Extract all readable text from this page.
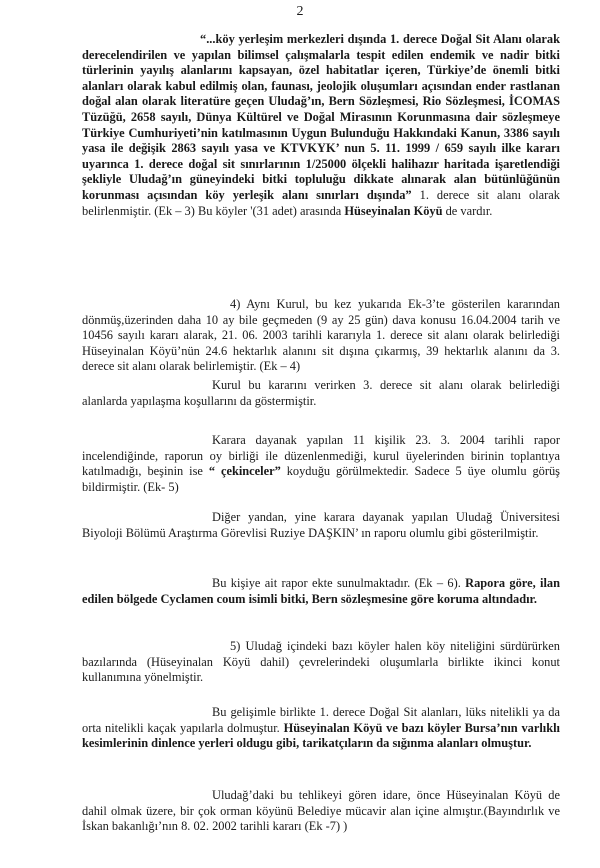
2

“...köy yerleşim merkezleri dışında 1. derece Doğal Sit Alanı olarak derecelendirilen ve yapılan bilimsel çalışmalarla tespit edilen endemik ve nadir bitki türlerinin yayılış alanlarını kapsayan, özel habitatlar içeren, Türkiye’de önemli bitki alanları olarak kabul edilmiş olan, faunası, jeolojik oluşumları açısından ender rastlanan doğal alan olarak literatüre geçen Uludağ’ın, Bern Sözleşmesi, Rio Sözleşmesi, İCOMAS Tüzüğü, 2658 sayılı, Dünya Kültürel ve Doğal Mirasının Korunmasına dair sözleşmeye Türkiye Cumhuriyeti’nin katılmasının Uygun Bulunduğu Hakkındaki Kanun, 3386 sayılı yasa ile değişik 2863 sayılı yasa ve KTVKYK’ nun 5. 11. 1999 / 659 sayılı ilke kararı uyarınca 1. derece doğal sit sınırlarının 1/25000 ölçekli halihazır haritada işaretlendiği şekliyle Uludağ’ın güneyindeki bitki topluluğu dikkate alınarak alan bütünlüğünün korunması açısından köy yerleşik alanı sınırları dışında” 1. derece sit alanı olarak belirlenmiştir. (Ek – 3) Bu köyler '(31 adet) arasında Hüseyinalan Köyü de vardır.

4) Aynı Kurul, bu kez yukarıda Ek-3’te gösterilen kararından dönmüş,üzerinden daha 10 ay bile geçmeden (9 ay 25 gün) dava konusu 16.04.2004 tarih ve 10456 sayılı kararı alarak, 21. 06. 2003 tarihli kararıyla 1. derece sit alanı olarak belirlediği Hüseyinalan Köyü’nün 24.6 hektarlık alanını sit dışına çıkarmış, 39 hektarlık alanını da 3. derece sit alanı olarak belirlemiştir. (Ek – 4)

Kurul bu kararını verirken 3. derece sit alanı olarak belirlediği alanlarda yapılaşma koşullarını da göstermiştir.

Karara dayanak yapılan 11 kişilik 23. 3. 2004 tarihli rapor incelendiğinde, raporun oy birliği ile düzenlenmediği, kurul üyelerinden birinin toplantıya katılmadığı, beşinin ise “ çekinceler” koyduğu görülmektedir. Sadece 5 üye olumlu görüş bildirmiştir. (Ek- 5)

Diğer yandan, yine karara dayanak yapılan Uludağ Üniversitesi Biyoloji Bölümü Araştırma Görevlisi Ruziye DAŞKIN’ ın raporu olumlu gibi gösterilmiştir.

Bu kişiye ait rapor ekte sunulmaktadır. (Ek – 6). Rapora göre, ilan edilen bölgede Cyclamen coum isimli bitki, Bern sözleşmesine göre koruma altındadır.

5) Uludağ içindeki bazı köyler halen köy niteliğini sürdürürken bazılarında (Hüseyinalan Köyü dahil) çevrelerindeki oluşumlarla birlikte ikinci konut kullanımına yönelmiştir.

Bu gelişimle birlikte 1. derece Doğal Sit alanları, lüks nitelikli ya da orta nitelikli kaçak yapılarla dolmuştur. Hüseyinalan Köyü ve bazı köyler Bursa’nın varlıklı kesimlerinin dinlence yerleri oldugu gibi, tarikatçıların da sığınma alanları olmuştur.

Uludağ’daki bu tehlikeyi gören idare, önce Hüseyinalan Köyü de dahil olmak üzere, bir çok orman köyünü Belediye mücavir alan içine almıştır.(Bayındırlık ve İskan bakanlığı’nın 8. 02. 2002 tarihli kararı (Ek -7) )
